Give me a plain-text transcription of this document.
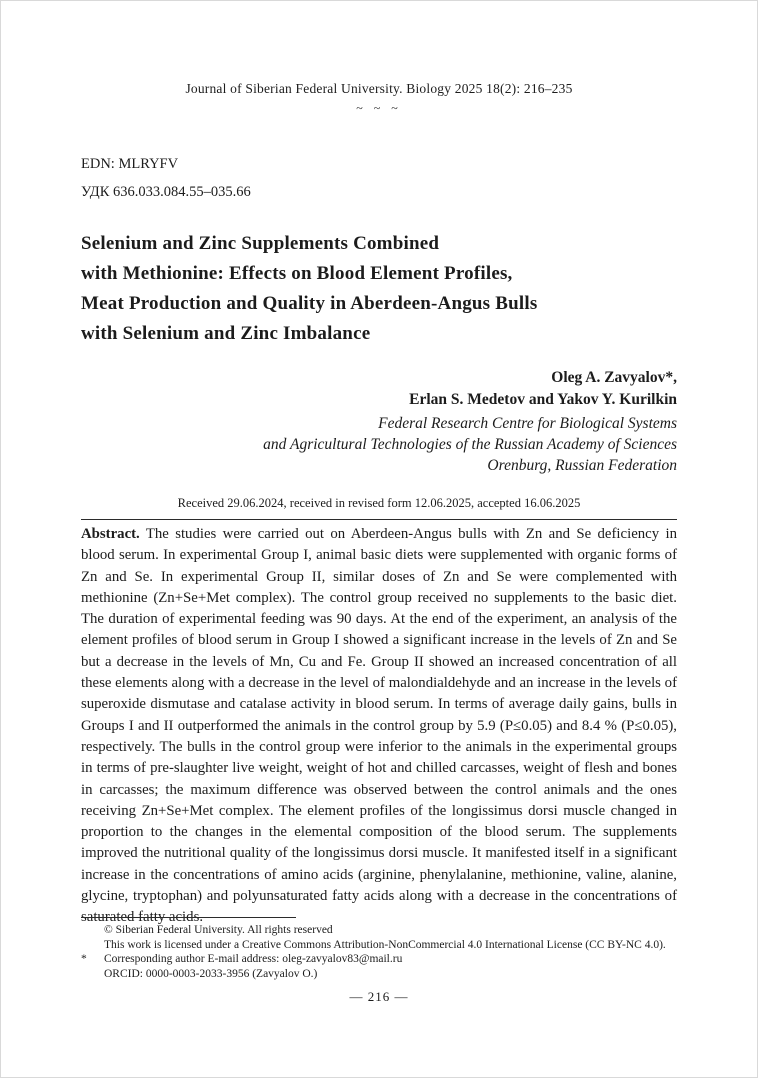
Journal of Siberian Federal University. Biology 2025 18(2): 216–235
~ ~ ~
EDN: MLRYFV
УДК 636.033.084.55–035.66
Selenium and Zinc Supplements Combined
with Methionine: Effects on Blood Element Profiles,
Meat Production and Quality in Aberdeen-Angus Bulls
with Selenium and Zinc Imbalance
Oleg A. Zavyalov*,
Erlan S. Medetov and Yakov Y. Kurilkin
Federal Research Centre for Biological Systems
and Agricultural Technologies of the Russian Academy of Sciences
Orenburg, Russian Federation
Received 29.06.2024, received in revised form 12.06.2025, accepted 16.06.2025

Abstract. The studies were carried out on Aberdeen-Angus bulls with Zn and Se deficiency in blood serum. In experimental Group I, animal basic diets were supplemented with organic forms of Zn and Se. In experimental Group II, similar doses of Zn and Se were complemented with methionine (Zn+Se+Met complex). The control group received no supplements to the basic diet. The duration of experimental feeding was 90 days. At the end of the experiment, an analysis of the element profiles of blood serum in Group I showed a significant increase in the levels of Zn and Se but a decrease in the levels of Mn, Cu and Fe. Group II showed an increased concentration of all these elements along with a decrease in the level of malondialdehyde and an increase in the levels of superoxide dismutase and catalase activity in blood serum. In terms of average daily gains, bulls in Groups I and II outperformed the animals in the control group by 5.9 (P≤0.05) and 8.4 % (P≤0.05), respectively. The bulls in the control group were inferior to the animals in the experimental groups in terms of pre-slaughter live weight, weight of hot and chilled carcasses, weight of flesh and bones in carcasses; the maximum difference was observed between the control animals and the ones receiving Zn+Se+Met complex. The element profiles of the longissimus dorsi muscle changed in proportion to the changes in the elemental composition of the blood serum. The supplements improved the nutritional quality of the longissimus dorsi muscle. It manifested itself in a significant increase in the concentrations of amino acids (arginine, phenylalanine, methionine, valine, alanine, glycine, tryptophan) and polyunsaturated fatty acids along with a decrease in the concentrations of saturated fatty acids.

© Siberian Federal University. All rights reserved
This work is licensed under a Creative Commons Attribution-NonCommercial 4.0 International License (CC BY-NC 4.0).
* Corresponding author E-mail address: oleg-zavyalov83@mail.ru
ORCID: 0000-0003-2033-3956 (Zavyalov O.)
— 216 —
